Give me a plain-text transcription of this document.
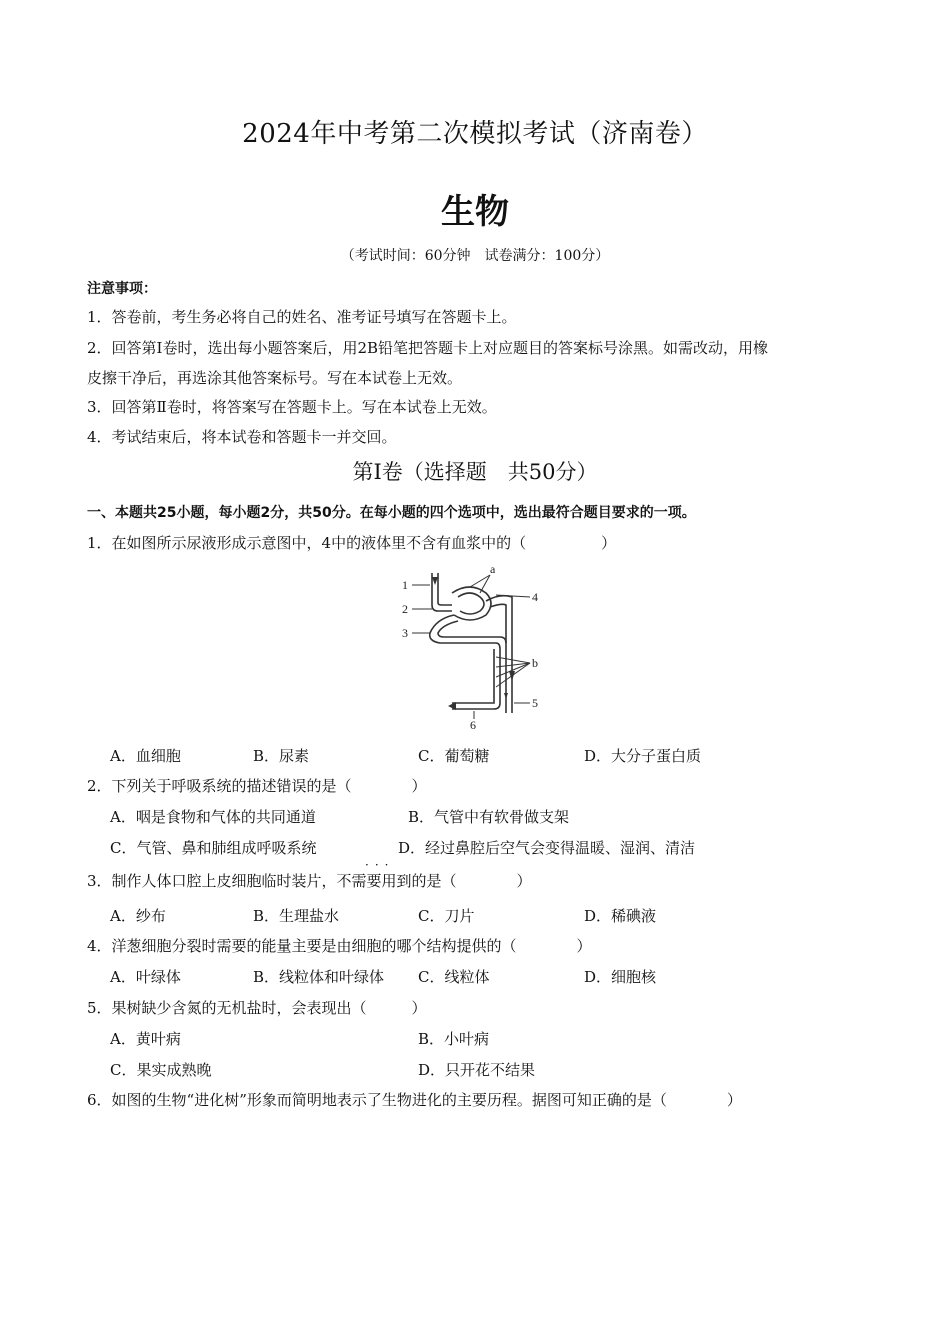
2024年中考第二次模拟考试（济南卷）
生物
（考试时间：60分钟　试卷满分：100分）
注意事项：
1．答卷前，考生务必将自己的姓名、准考证号填写在答题卡上。
2．回答第Ⅰ卷时，选出每小题答案后，用2B铅笔把答题卡上对应题目的答案标号涂黑。如需改动，用橡
皮擦干净后，再选涂其他答案标号。写在本试卷上无效。
3．回答第Ⅱ卷时，将答案写在答题卡上。写在本试卷上无效。
4．考试结束后，将本试卷和答题卡一并交回。
第Ⅰ卷（选择题　共50分）
一、本题共25小题，每小题2分，共50分。在每小题的四个选项中，选出最符合题目要求的一项。
1．在如图所示尿液形成示意图中，4中的液体里不含有血浆中的（　　　　　）
1
2
3
a
4
b
5
6
A．血细胞	B．尿素	C．葡萄糖	D．大分子蛋白质
2．下列关于呼吸系统的描述错误的是（　　　　）
A．咽是食物和气体的共同通道	B．气管中有软骨做支架
C．气管、鼻和肺组成呼吸系统	D．经过鼻腔后空气会变得温暖、湿润、清洁
···
3．制作人体口腔上皮细胞临时装片，不需要用到的是（　　　　）
A．纱布	B．生理盐水	C．刀片	D．稀碘液
4．洋葱细胞分裂时需要的能量主要是由细胞的哪个结构提供的（　　　　）
A．叶绿体	B．线粒体和叶绿体 C．线粒体	D．细胞核
5．果树缺少含氮的无机盐时，会表现出（　　　）
A．黄叶病	B．小叶病
C．果实成熟晚	D．只开花不结果
6．如图的生物“进化树”形象而简明地表示了生物进化的主要历程。据图可知正确的是（　　　　）
